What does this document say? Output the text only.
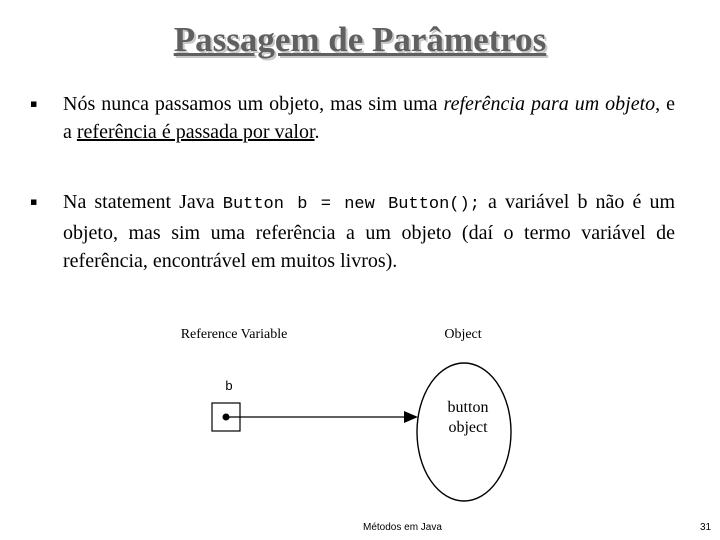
Passagem de Parâmetros
▪ Nós nunca passamos um objeto, mas sim uma referência para um objeto, e a referência é passada por valor.
▪ Na statement Java Button b = new Button(); a variável b não é um objeto, mas sim uma referência a um objeto (daí o termo variável de referência, encontrável em muitos livros).
Reference Variable	Object
b
button
object
Métodos em Java	31
